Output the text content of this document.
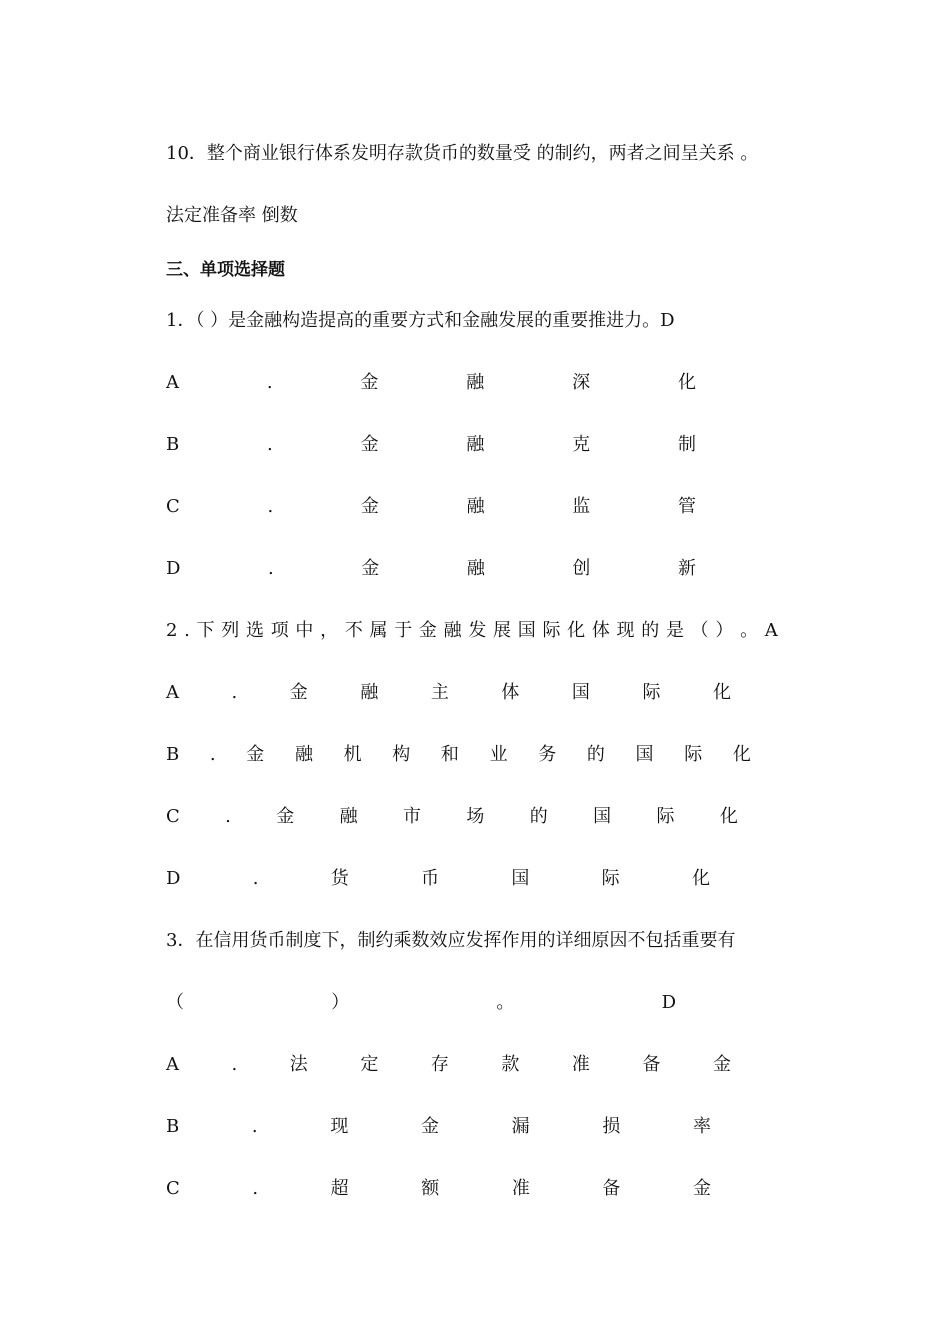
10．整个商业银行体系发明存款货币的数量受 的制约，两者之间呈关系 。
法定准备率 倒数
三、单项选择题
1．（ ）是金融构造提高的重要方式和金融发展的重要推进力。D
A	.	金	融	深	化
B	.	金	融	克	制
C	.	金	融	监	管
D	.	金	融	创	新
2 . 下 列 选 项 中 ， 不 属 于 金 融 发 展 国 际 化 体 现 的 是 （ ） 。 A
A	.	金	融	主	体	国	际	化
B . 金 融 机 构 和 业 务 的 国 际 化
C	.	金	融	市	场	的	国	际	化
D	.	货	币	国	际	化
3．在信用货币制度下，制约乘数效应发挥作用的详细原因不包括重要有
（	）	。	D
A	.	法	定	存	款	准	备	金
B	.	现	金	漏	损	率
C	.	超	额	准	备	金
